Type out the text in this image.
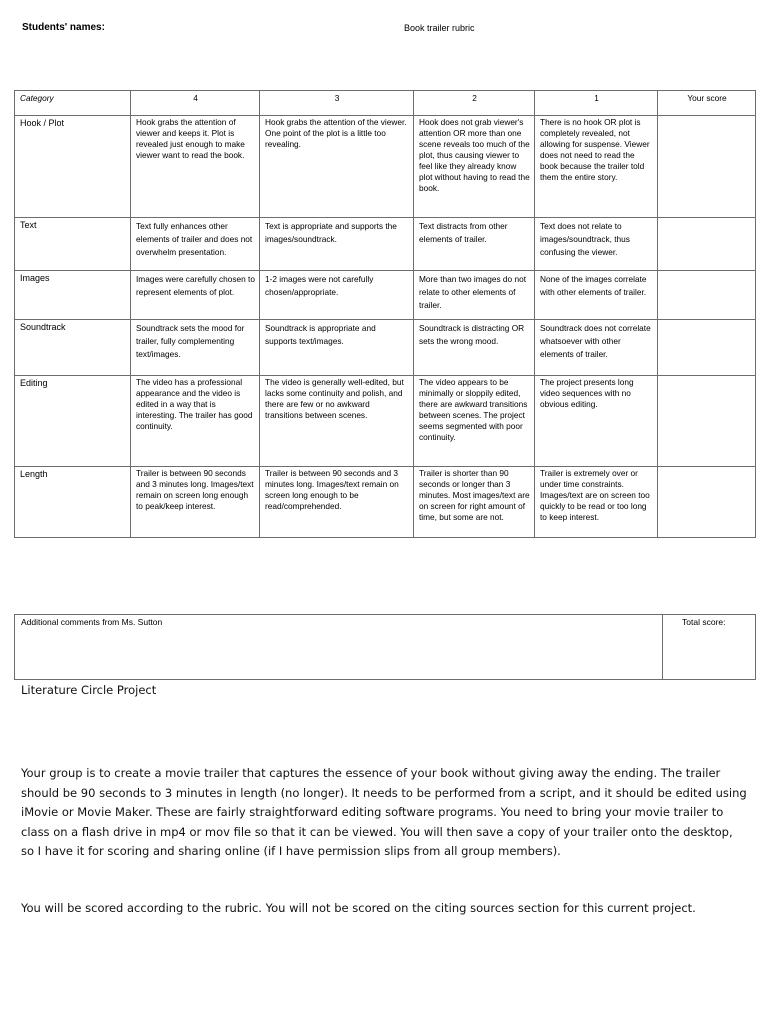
Students' names:	Book trailer rubric
Category	4	3	2	1	Your score
Hook / Plot	Hook grabs the attention of viewer and keeps it. Plot is revealed just enough to make viewer want to read the book.	Hook grabs the attention of the viewer. One point of the plot is a little too revealing.	Hook does not grab viewer's attention OR more than one scene reveals too much of the plot, thus causing viewer to feel like they already know plot without having to read the book.	There is no hook OR plot is completely revealed, not allowing for suspense. Viewer does not need to read the book because the trailer told them the entire story.	
Text	Text fully enhances other elements of trailer and does not overwhelm presentation.	Text is appropriate and supports the images/soundtrack.	Text distracts from other elements of trailer.	Text does not relate to images/soundtrack, thus confusing the viewer.	
Images	Images were carefully chosen to represent elements of plot.	1-2 images were not carefully chosen/appropriate.	More than two images do not relate to other elements of trailer.	None of the images correlate with other elements of trailer.	
Soundtrack	Soundtrack sets the mood for trailer, fully complementing text/images.	Soundtrack is appropriate and supports text/images.	Soundtrack is distracting OR sets the wrong mood.	Soundtrack does not correlate whatsoever with other elements of trailer.	
Editing	The video has a professional appearance and the video is edited in a way that is interesting. The trailer has good continuity.	The video is generally well-edited, but lacks some continuity and polish, and there are few or no awkward transitions between scenes.	The video appears to be minimally or sloppily edited, there are awkward transitions between scenes. The project seems segmented with poor continuity.	The project presents long video sequences with no obvious editing.	
Length	Trailer is between 90 seconds and 3 minutes long. Images/text remain on screen long enough to peak/keep interest.	Trailer is between 90 seconds and 3 minutes long. Images/text remain on screen long enough to be read/comprehended.	Trailer is shorter than 90 seconds or longer than 3 minutes. Most images/text are on screen for right amount of time, but some are not.	Trailer is extremely over or under time constraints. Images/text are on screen too quickly to be read or too long to keep interest.	
Additional comments from Ms. Sutton	Total score:
Literature Circle Project
Your group is to create a movie trailer that captures the essence of your book without giving away the ending. The trailer should be 90 seconds to 3 minutes in length (no longer). It needs to be performed from a script, and it should be edited using iMovie or Movie Maker. These are fairly straightforward editing software programs. You need to bring your movie trailer to class on a flash drive in mp4 or mov file so that it can be viewed. You will then save a copy of your trailer onto the desktop, so I have it for scoring and sharing online (if I have permission slips from all group members).
You will be scored according to the rubric. You will not be scored on the citing sources section for this current project.
